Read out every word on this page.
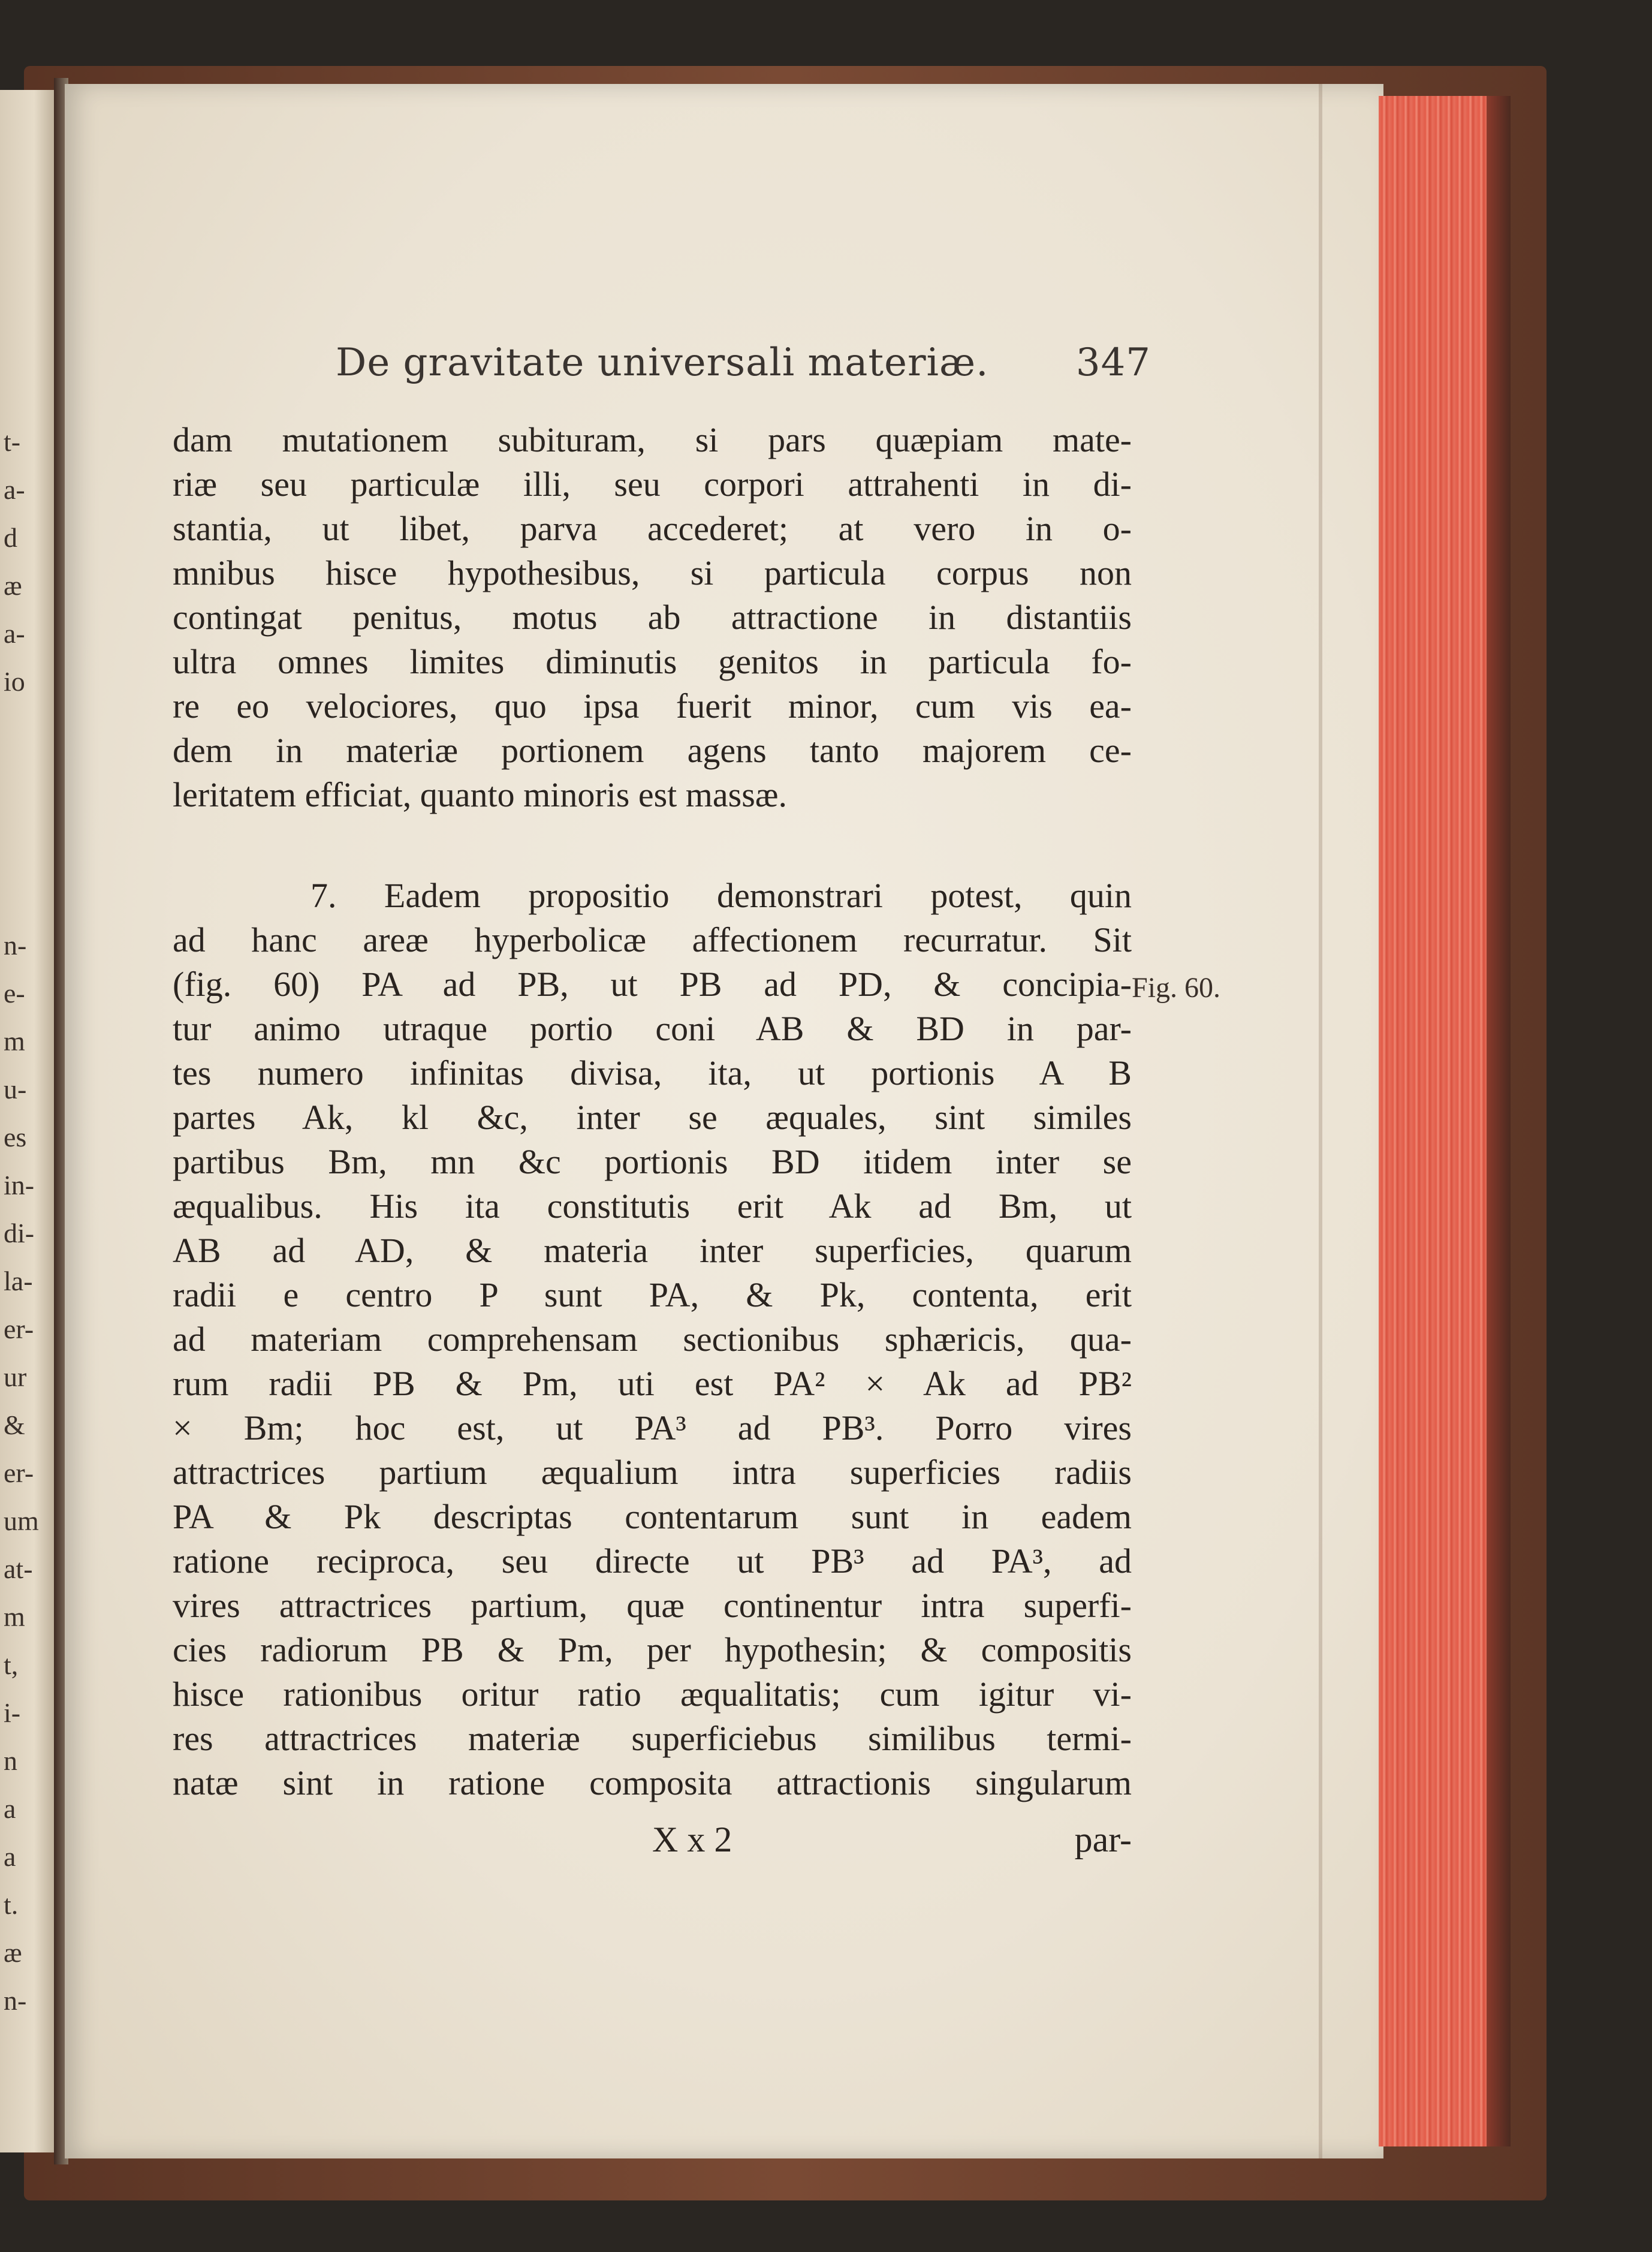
t-
a-
d
æ
a-
io
n-
e-
m
u-
es
in-
di-
la-
er-
ur
&
er-
um
at-
m
t,
i-
n
a
a
t.
æ
n-
De gravitate universali materiæ. 347
dam mutationem subituram, si pars quæpiam mate-
riæ seu particulæ illi, seu corpori attrahenti in di-
stantia, ut libet, parva accederet; at vero in o-
mnibus hisce hypothesibus, si particula corpus non
contingat penitus, motus ab attractione in distantiis
ultra omnes limites diminutis genitos in particula fo-
re eo velociores, quo ipsa fuerit minor, cum vis ea-
dem in materiæ portionem agens tanto majorem ce-
leritatem efficiat, quanto minoris est massæ.
7. Eadem propositio demonstrari potest, quin
ad hanc areæ hyperbolicæ affectionem recurratur. Sit
(fig. 60) PA ad PB, ut PB ad PD, & concipia-
tur animo utraque portio coni AB & BD in par-
tes numero infinitas divisa, ita, ut portionis A B
partes Ak, kl &c, inter se æquales, sint similes
partibus Bm, mn &c portionis BD itidem inter se
æqualibus. His ita constitutis erit Ak ad Bm, ut
AB ad AD, & materia inter superficies, quarum
radii e centro P sunt PA, & Pk, contenta, erit
ad materiam comprehensam sectionibus sphæricis, qua-
rum radii PB & Pm, uti est PA² × Ak ad PB²
× Bm; hoc est, ut PA³ ad PB³. Porro vires
attractrices partium æqualium intra superficies radiis
PA & Pk descriptas contentarum sunt in eadem
ratione reciproca, seu directe ut PB³ ad PA³, ad
vires attractrices partium, quæ continentur intra superfi-
cies radiorum PB & Pm, per hypothesin; & compositis
hisce rationibus oritur ratio æqualitatis; cum igitur vi-
res attractrices materiæ superficiebus similibus termi-
natæ sint in ratione composita attractionis singularum
Fig. 60.
X x 2	par-
